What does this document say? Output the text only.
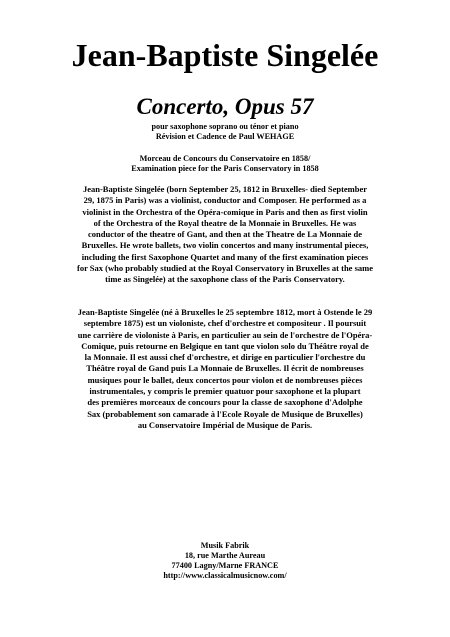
Jean-Baptiste Singelée
Concerto, Opus 57
pour saxophone soprano ou ténor et piano
Révision et Cadence de Paul WEHAGE
Morceau de Concours du Conservatoire en 1858/
Examination piece for the Paris Conservatory in 1858
Jean-Baptiste Singelée (born September 25, 1812 in Bruxelles- died September
29, 1875 in Paris) was a violinist, conductor and Composer. He performed as a
violinist in the Orchestra of the Opéra-comique in Paris and then as first violin
of the Orchestra of the Royal theatre de la Monnaie in Bruxelles. He was
conductor of the theatre of Gant, and then at the Theatre de La Monnaie de
Bruxelles. He wrote ballets, two violin concertos and many instrumental pieces,
including the first Saxophone Quartet and many of the first examination pieces
for Sax (who probably studied at the Royal Conservatory in Bruxelles at the same
time as Singelée) at the saxophone class of the Paris Conservatory.
Jean-Baptiste Singelée (né à Bruxelles le 25 septembre 1812, mort à Ostende le 29
septembre 1875) est un violoniste, chef d'orchestre et compositeur . Il poursuit
une carrière de violoniste à Paris, en particulier au sein de l'orchestre de l'Opéra-
Comique, puis retourne en Belgique en tant que violon solo du Théâtre royal de
la Monnaie. Il est aussi chef d'orchestre, et dirige en particulier l'orchestre du
Théâtre royal de Gand puis La Monnaie de Bruxelles. Il écrit de nombreuses
musiques pour le ballet, deux concertos pour violon et de nombreuses pièces
instrumentales, y compris le premier quatuor pour saxophone et la plupart
des premières morceaux de concours pour la classe de saxophone d'Adolphe
Sax (probablement son camarade à l'Ecole Royale de Musique de Bruxelles)
au Conservatoire Impérial de Musique de Paris.
Musik Fabrik
18, rue Marthe Aureau
77400 Lagny/Marne FRANCE
http://www.classicalmusicnow.com/
